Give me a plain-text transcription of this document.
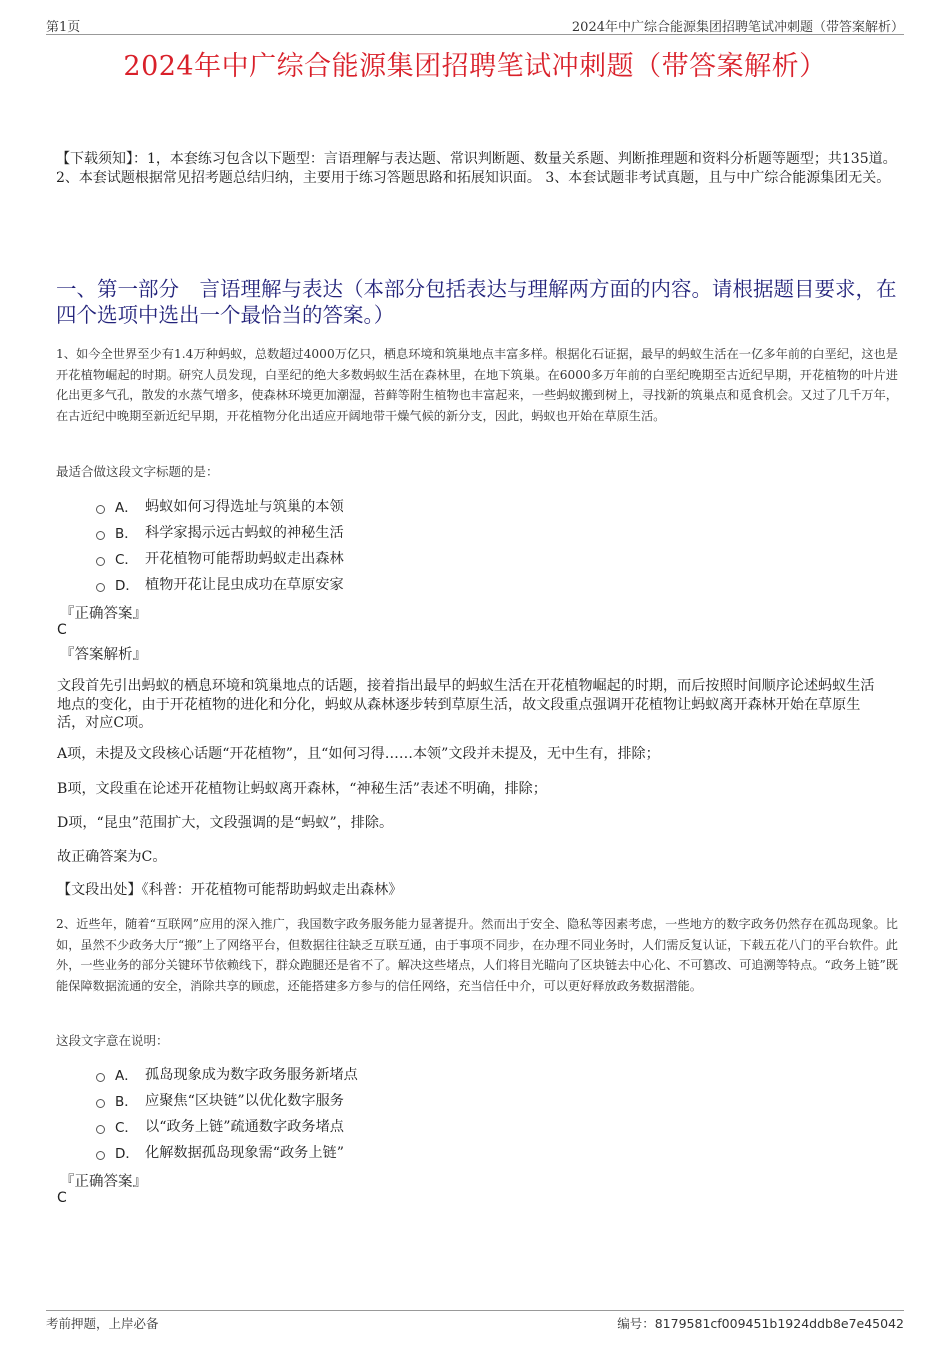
第1页	2024年中广综合能源集团招聘笔试冲刺题（带答案解析）
2024年中广综合能源集团招聘笔试冲刺题（带答案解析）
【下载须知】：1，本套练习包含以下题型：言语理解与表达题、常识判断题、数量关系题、判断推理题和资料分析题等题型；共135道。 2、本套试题根据常见招考题总结归纳，主要用于练习答题思路和拓展知识面。 3、本套试题非考试真题，且与中广综合能源集团无关。
一、第一部分　言语理解与表达（本部分包括表达与理解两方面的内容。请根据题目要求，在四个选项中选出一个最恰当的答案。）
1、如今全世界至少有1.4万种蚂蚁，总数超过4000万亿只，栖息环境和筑巢地点丰富多样。根据化石证据，最早的蚂蚁生活在一亿多年前的白垩纪，这也是开花植物崛起的时期。研究人员发现，白垩纪的绝大多数蚂蚁生活在森林里，在地下筑巢。在6000多万年前的白垩纪晚期至古近纪早期，开花植物的叶片进化出更多气孔，散发的水蒸气增多，使森林环境更加潮湿，苔藓等附生植物也丰富起来，一些蚂蚁搬到树上，寻找新的筑巢点和觅食机会。又过了几千万年，在古近纪中晚期至新近纪早期，开花植物分化出适应开阔地带干燥气候的新分支，因此，蚂蚁也开始在草原生活。
最适合做这段文字标题的是：
A． 蚂蚁如何习得选址与筑巢的本领
B． 科学家揭示远古蚂蚁的神秘生活
C． 开花植物可能帮助蚂蚁走出森林
D． 植物开花让昆虫成功在草原安家
『正确答案』
C
『答案解析』
文段首先引出蚂蚁的栖息环境和筑巢地点的话题，接着指出最早的蚂蚁生活在开花植物崛起的时期，而后按照时间顺序论述蚂蚁生活地点的变化，由于开花植物的进化和分化，蚂蚁从森林逐步转到草原生活，故文段重点强调开花植物让蚂蚁离开森林开始在草原生活，对应C项。
A项，未提及文段核心话题“开花植物”，且“如何习得……本领”文段并未提及，无中生有，排除；
B项，文段重在论述开花植物让蚂蚁离开森林，“神秘生活”表述不明确，排除；
D项，“昆虫”范围扩大，文段强调的是“蚂蚁”，排除。
故正确答案为C。
【文段出处】《科普：开花植物可能帮助蚂蚁走出森林》
2、近些年，随着“互联网”应用的深入推广，我国数字政务服务能力显著提升。然而出于安全、隐私等因素考虑，一些地方的数字政务仍然存在孤岛现象。比如，虽然不少政务大厅“搬”上了网络平台，但数据往往缺乏互联互通，由于事项不同步，在办理不同业务时，人们需反复认证，下载五花八门的平台软件。此外，一些业务的部分关键环节依赖线下，群众跑腿还是省不了。解决这些堵点，人们将目光瞄向了区块链去中心化、不可篡改、可追溯等特点。“政务上链”既能保障数据流通的安全，消除共享的顾虑，还能搭建多方参与的信任网络，充当信任中介，可以更好释放政务数据潜能。
这段文字意在说明：
A． 孤岛现象成为数字政务服务新堵点
B． 应聚焦“区块链”以优化数字服务
C． 以“政务上链”疏通数字政务堵点
D． 化解数据孤岛现象需“政务上链”
『正确答案』
C
考前押题，上岸必备	编号：8179581cf009451b1924ddb8e7e45042
